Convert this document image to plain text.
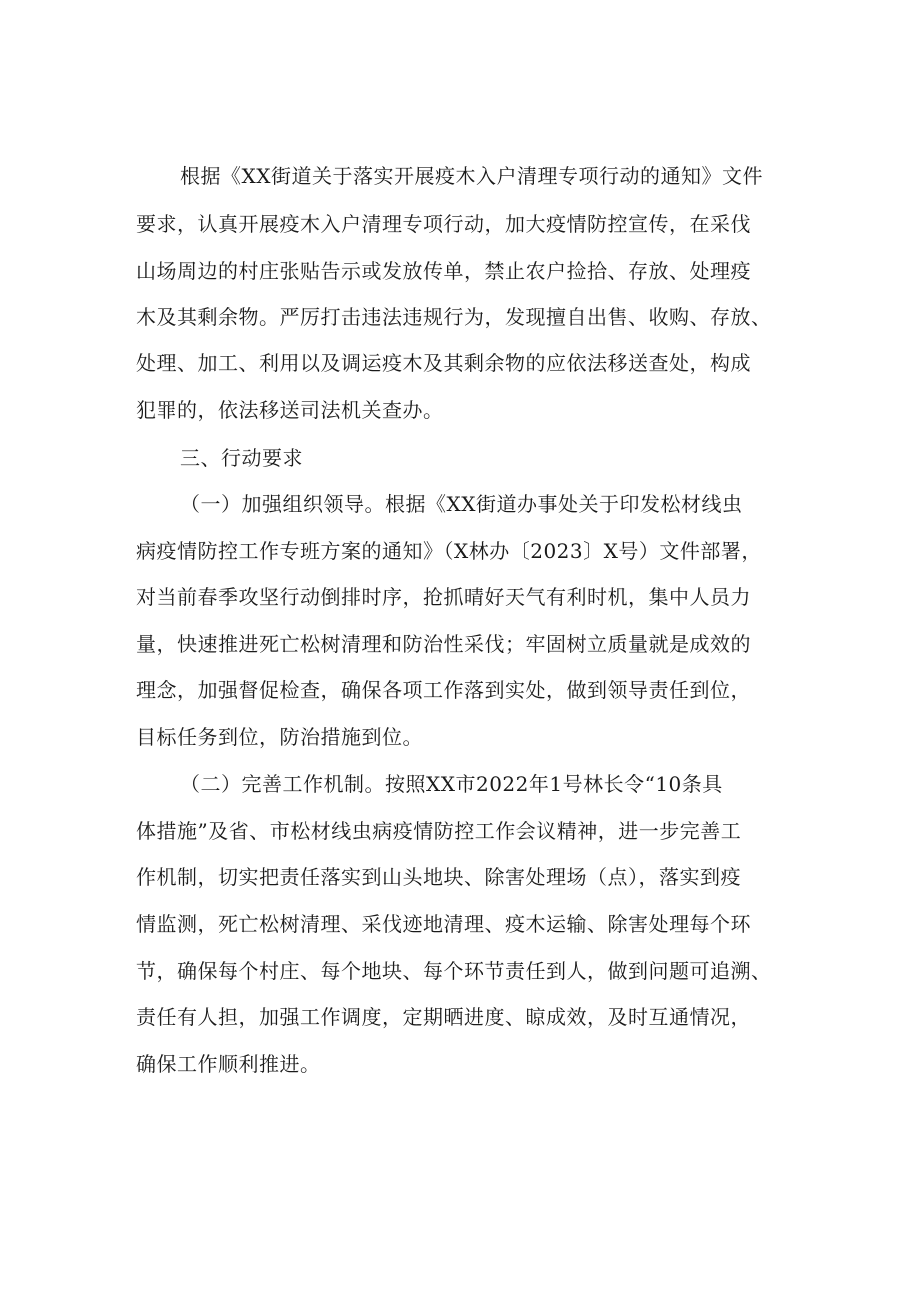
根据《XX街道关于落实开展疫木入户清理专项行动的通知》文件
要求，认真开展疫木入户清理专项行动，加大疫情防控宣传，在采伐
山场周边的村庄张贴告示或发放传单，禁止农户捡拾、存放、处理疫
木及其剩余物。严厉打击违法违规行为，发现擅自出售、收购、存放、
处理、加工、利用以及调运疫木及其剩余物的应依法移送查处，构成
犯罪的，依法移送司法机关查办。
三、行动要求
（一）加强组织领导。根据《XX街道办事处关于印发松材线虫
病疫情防控工作专班方案的通知》（X林办〔2023〕X号）文件部署，
对当前春季攻坚行动倒排时序，抢抓晴好天气有利时机，集中人员力
量，快速推进死亡松树清理和防治性采伐；牢固树立质量就是成效的
理念，加强督促检查，确保各项工作落到实处，做到领导责任到位，
目标任务到位，防治措施到位。
（二）完善工作机制。按照XX市2022年1号林长令“10条具
体措施”及省、市松材线虫病疫情防控工作会议精神，进一步完善工
作机制，切实把责任落实到山头地块、除害处理场（点），落实到疫
情监测，死亡松树清理、采伐迹地清理、疫木运输、除害处理每个环
节，确保每个村庄、每个地块、每个环节责任到人，做到问题可追溯、
责任有人担，加强工作调度，定期晒进度、晾成效，及时互通情况，
确保工作顺利推进。
